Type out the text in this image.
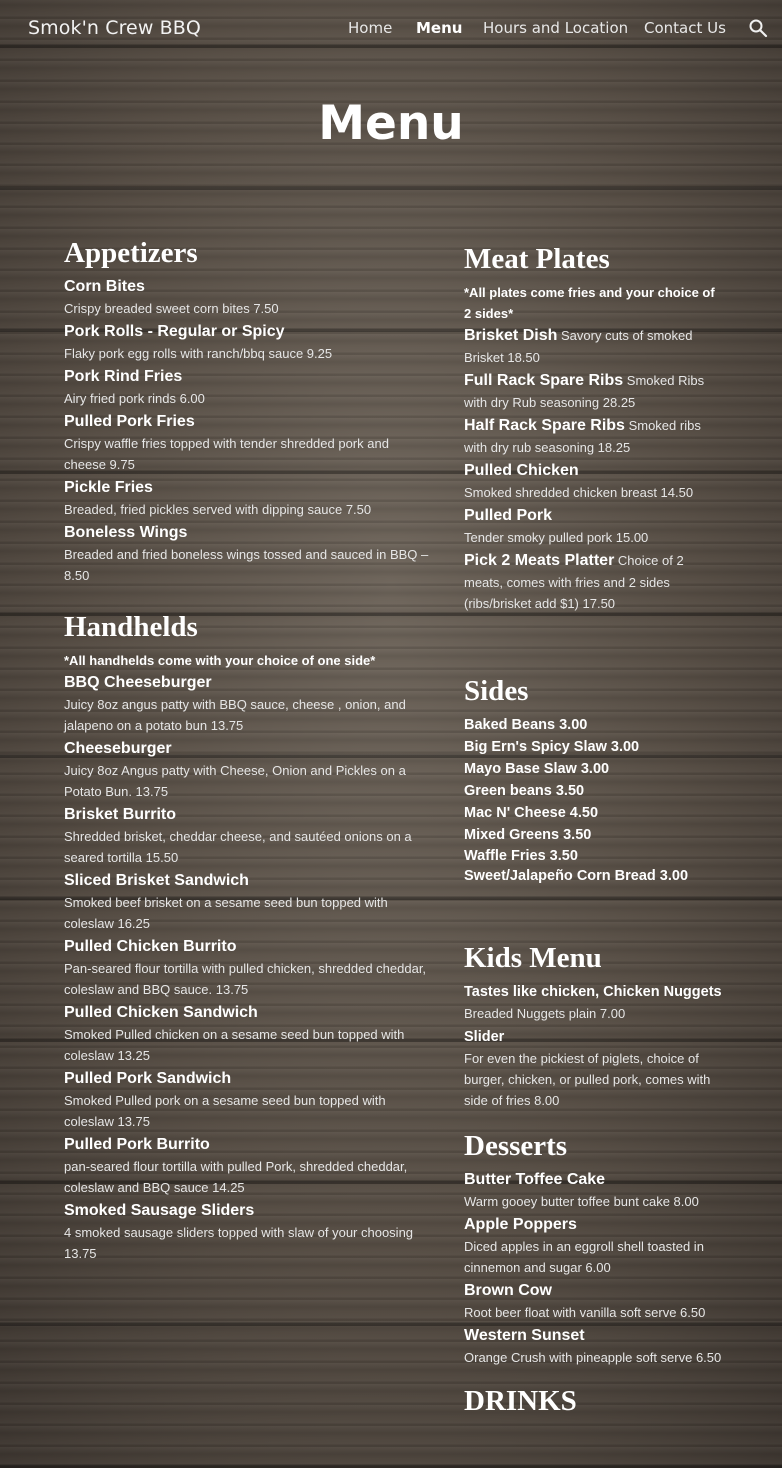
Smok'n Crew BBQ	Home Menu Hours and Location Contact Us
Menu
Appetizers
Corn Bites
Crispy breaded sweet corn bites 7.50
Pork Rolls - Regular or Spicy
Flaky pork egg rolls with ranch/bbq sauce 9.25
Pork Rind Fries
Airy fried pork rinds 6.00
Pulled Pork Fries
Crispy waffle fries topped with tender shredded pork and cheese 9.75
Pickle Fries
Breaded, fried pickles served with dipping sauce 7.50
Boneless Wings
Breaded and fried boneless wings tossed and sauced in BBQ – 8.50
Handhelds
*All handhelds come with your choice of one side*
BBQ Cheeseburger
Juicy 8oz angus patty with BBQ sauce, cheese , onion, and jalapeno on a potato bun 13.75
Cheeseburger
Juicy 8oz Angus patty with Cheese, Onion and Pickles on a Potato Bun. 13.75
Brisket Burrito
Shredded brisket, cheddar cheese, and sautéed onions on a seared tortilla 15.50
Sliced Brisket Sandwich
Smoked beef brisket on a sesame seed bun topped with coleslaw 16.25
Pulled Chicken Burrito
Pan-seared flour tortilla with pulled chicken, shredded cheddar, coleslaw and BBQ sauce. 13.75
Pulled Chicken Sandwich
Smoked Pulled chicken on a sesame seed bun topped with coleslaw 13.25
Pulled Pork Sandwich
Smoked Pulled pork on a sesame seed bun topped with coleslaw 13.75
Pulled Pork Burrito
pan-seared flour tortilla with pulled Pork, shredded cheddar, coleslaw and BBQ sauce 14.25
Smoked Sausage Sliders
4 smoked sausage sliders topped with slaw of your choosing 13.75
Meat Plates
*All plates come fries and your choice of 2 sides*
Brisket Dish Savory cuts of smoked Brisket 18.50
Full Rack Spare Ribs Smoked Ribs with dry Rub seasoning 28.25
Half Rack Spare Ribs Smoked ribs with dry rub seasoning 18.25
Pulled Chicken
Smoked shredded chicken breast 14.50
Pulled Pork
Tender smoky pulled pork 15.00
Pick 2 Meats Platter Choice of 2 meats, comes with fries and 2 sides (ribs/brisket add $1) 17.50
Sides
Baked Beans 3.00
Big Ern's Spicy Slaw 3.00
Mayo Base Slaw 3.00
Green beans 3.50
Mac N' Cheese 4.50
Mixed Greens 3.50
Waffle Fries 3.50
Sweet/Jalapeño Corn Bread 3.00
Kids Menu
Tastes like chicken, Chicken Nuggets
Breaded Nuggets plain 7.00
Slider
For even the pickiest of piglets, choice of burger, chicken, or pulled pork, comes with side of fries 8.00
Desserts
Butter Toffee Cake
Warm gooey butter toffee bunt cake 8.00
Apple Poppers
Diced apples in an eggroll shell toasted in cinnemon and sugar 6.00
Brown Cow
Root beer float with vanilla soft serve 6.50
Western Sunset
Orange Crush with pineapple soft serve 6.50
DRINKS
